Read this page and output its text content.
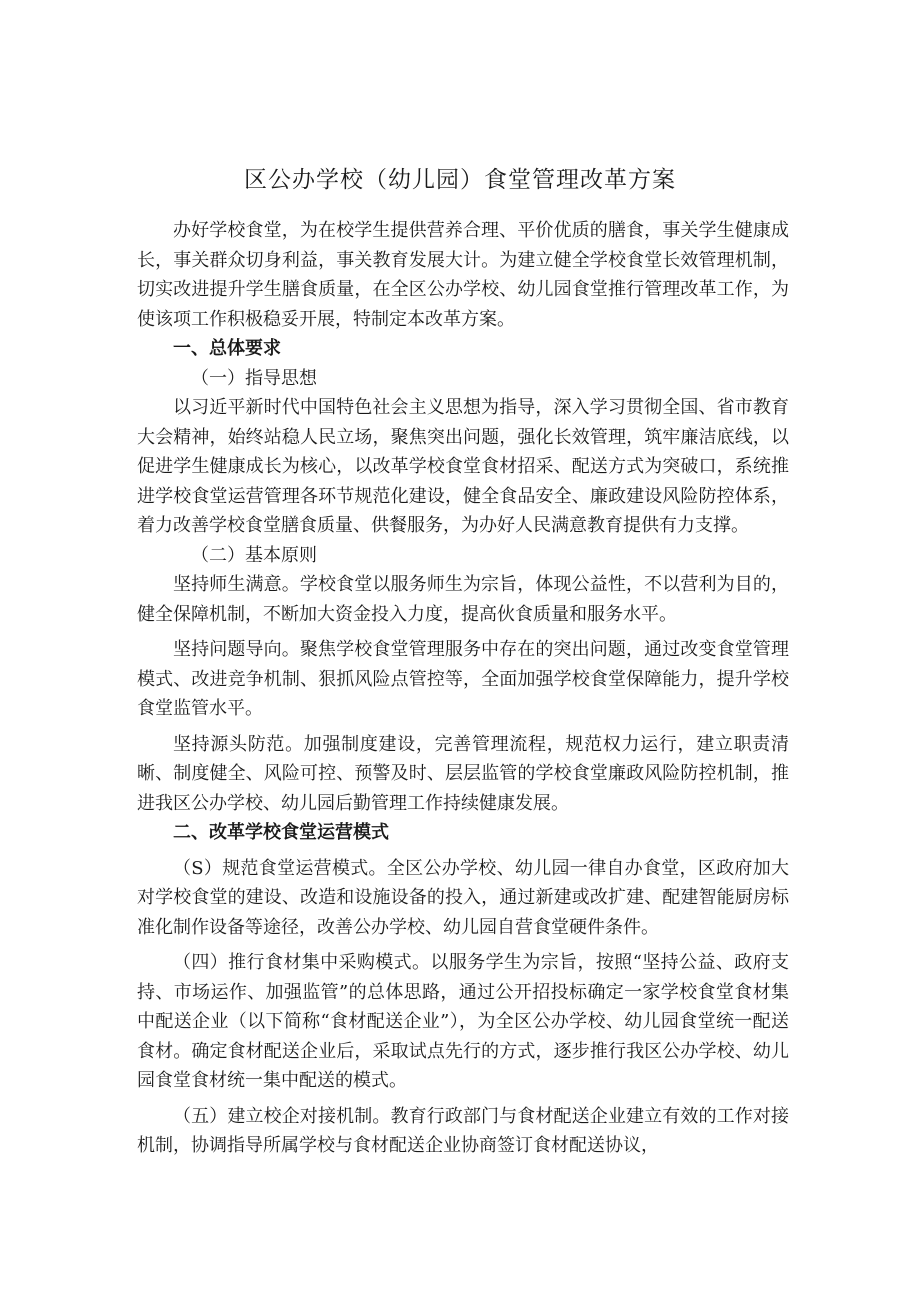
区公办学校（幼儿园）食堂管理改革方案

办好学校食堂，为在校学生提供营养合理、平价优质的膳食，事关学生健康成长，事关群众切身利益，事关教育发展大计。为建立健全学校食堂长效管理机制，切实改进提升学生膳食质量，在全区公办学校、幼儿园食堂推行管理改革工作，为使该项工作积极稳妥开展，特制定本改革方案。

一、总体要求

（一）指导思想

以习近平新时代中国特色社会主义思想为指导，深入学习贯彻全国、省市教育大会精神，始终站稳人民立场，聚焦突出问题，强化长效管理，筑牢廉洁底线，以促进学生健康成长为核心，以改革学校食堂食材招采、配送方式为突破口，系统推进学校食堂运营管理各环节规范化建设，健全食品安全、廉政建设风险防控体系，着力改善学校食堂膳食质量、供餐服务，为办好人民满意教育提供有力支撑。

（二）基本原则

坚持师生满意。学校食堂以服务师生为宗旨，体现公益性，不以营利为目的，健全保障机制，不断加大资金投入力度，提高伙食质量和服务水平。

坚持问题导向。聚焦学校食堂管理服务中存在的突出问题，通过改变食堂管理模式、改进竞争机制、狠抓风险点管控等，全面加强学校食堂保障能力，提升学校食堂监管水平。

坚持源头防范。加强制度建设，完善管理流程，规范权力运行，建立职责清晰、制度健全、风险可控、预警及时、层层监管的学校食堂廉政风险防控机制，推进我区公办学校、幼儿园后勤管理工作持续健康发展。

二、改革学校食堂运营模式

（S）规范食堂运营模式。全区公办学校、幼儿园一律自办食堂，区政府加大对学校食堂的建设、改造和设施设备的投入，通过新建或改扩建、配建智能厨房标准化制作设备等途径，改善公办学校、幼儿园自营食堂硬件条件。

（四）推行食材集中采购模式。以服务学生为宗旨，按照“坚持公益、政府支持、市场运作、加强监管”的总体思路，通过公开招投标确定一家学校食堂食材集中配送企业（以下简称“食材配送企业”），为全区公办学校、幼儿园食堂统一配送食材。确定食材配送企业后，采取试点先行的方式，逐步推行我区公办学校、幼儿园食堂食材统一集中配送的模式。

（五）建立校企对接机制。教育行政部门与食材配送企业建立有效的工作对接机制，协调指导所属学校与食材配送企业协商签订食材配送协议，
